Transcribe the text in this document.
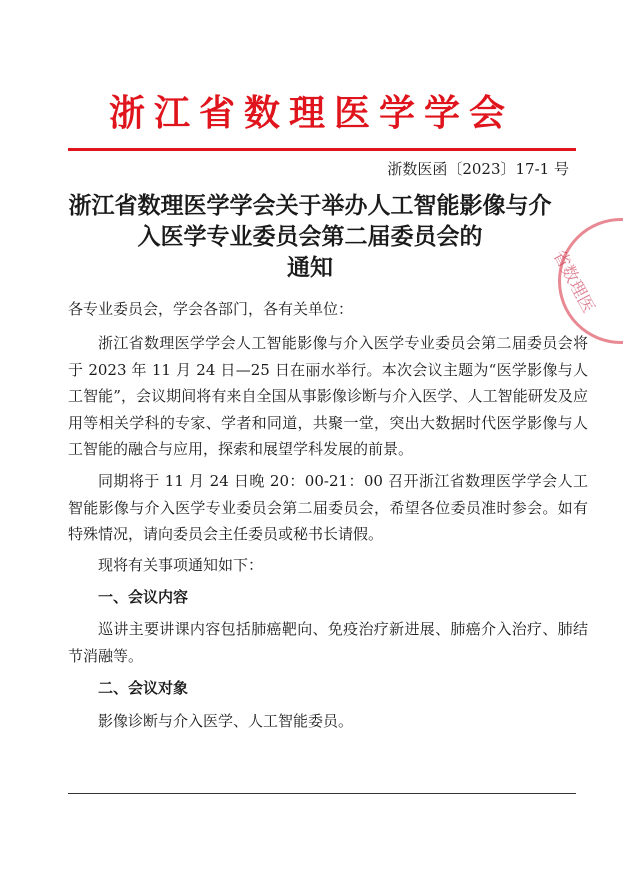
浙江省数理医学学会
浙数医函〔2023〕17-1 号
浙江省数理医学学会关于举办人工智能影像与介
入医学专业委员会第二届委员会的
通知

各专业委员会，学会各部门，各有关单位：

浙江省数理医学学会人工智能影像与介入医学专业委员会第二届委员会将于 2023 年 11 月 24 日—25 日在丽水举行。本次会议主题为“医学影像与人工智能”，会议期间将有来自全国从事影像诊断与介入医学、人工智能研发及应用等相关学科的专家、学者和同道，共聚一堂，突出大数据时代医学影像与人工智能的融合与应用，探索和展望学科发展的前景。

同期将于 11 月 24 日晚 20：00-21：00 召开浙江省数理医学学会人工智能影像与介入医学专业委员会第二届委员会，希望各位委员准时参会。如有特殊情况，请向委员会主任委员或秘书长请假。

现将有关事项通知如下：

一、会议内容

巡讲主要讲课内容包括肺癌靶向、免疫治疗新进展、肺癌介入治疗、肺结节消融等。

二、会议对象

影像诊断与介入医学、人工智能委员。

省数理医
